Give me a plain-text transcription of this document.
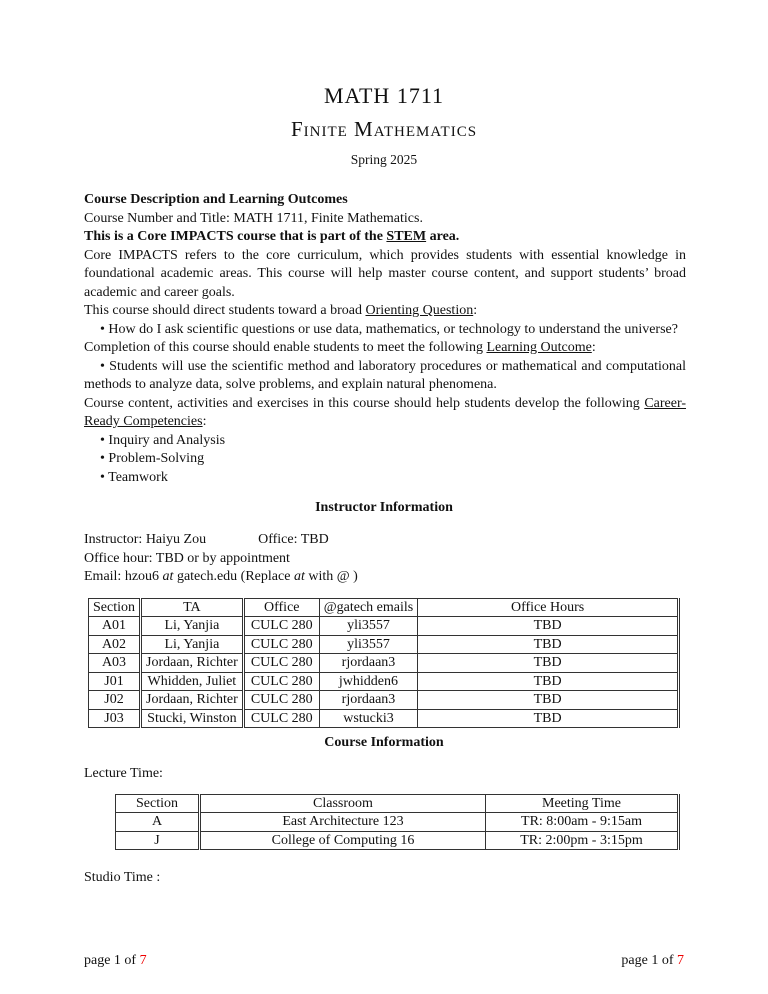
MATH 1711
Finite Mathematics
Spring 2025

Course Description and Learning Outcomes

Course Number and Title: MATH 1711, Finite Mathematics.

This is a Core IMPACTS course that is part of the STEM area.

Core IMPACTS refers to the core curriculum, which provides students with essential knowledge in foundational academic areas. This course will help master course content, and support students’ broad academic and career goals.

This course should direct students toward a broad Orienting Question:

• How do I ask scientific questions or use data, mathematics, or technology to understand the universe?

Completion of this course should enable students to meet the following Learning Outcome:

• Students will use the scientific method and laboratory procedures or mathematical and computational methods to analyze data, solve problems, and explain natural phenomena.

Course content, activities and exercises in this course should help students develop the following Career-Ready Competencies:

• Inquiry and Analysis

• Problem-Solving

• Teamwork

Instructor Information
Instructor: Haiyu Zou	Office: TBD
Office hour: TBD or by appointment
Email: hzou6 at gatech.edu (Replace at with @ )
Section	TA	Office	@gatech emails	Office Hours
A01	Li, Yanjia	CULC 280	yli3557	TBD
A02	Li, Yanjia	CULC 280	yli3557	TBD
A03	Jordaan, Richter	CULC 280	rjordaan3	TBD
J01	Whidden, Juliet	CULC 280	jwhidden6	TBD
J02	Jordaan, Richter	CULC 280	rjordaan3	TBD
J03	Stucki, Winston	CULC 280	wstucki3	TBD
Course Information
Lecture Time:
Section	Classroom	Meeting Time
A	East Architecture 123	TR: 8:00am - 9:15am
J	College of Computing 16	TR: 2:00pm - 3:15pm
Studio Time :
page 1 of 7	page 1 of 7
